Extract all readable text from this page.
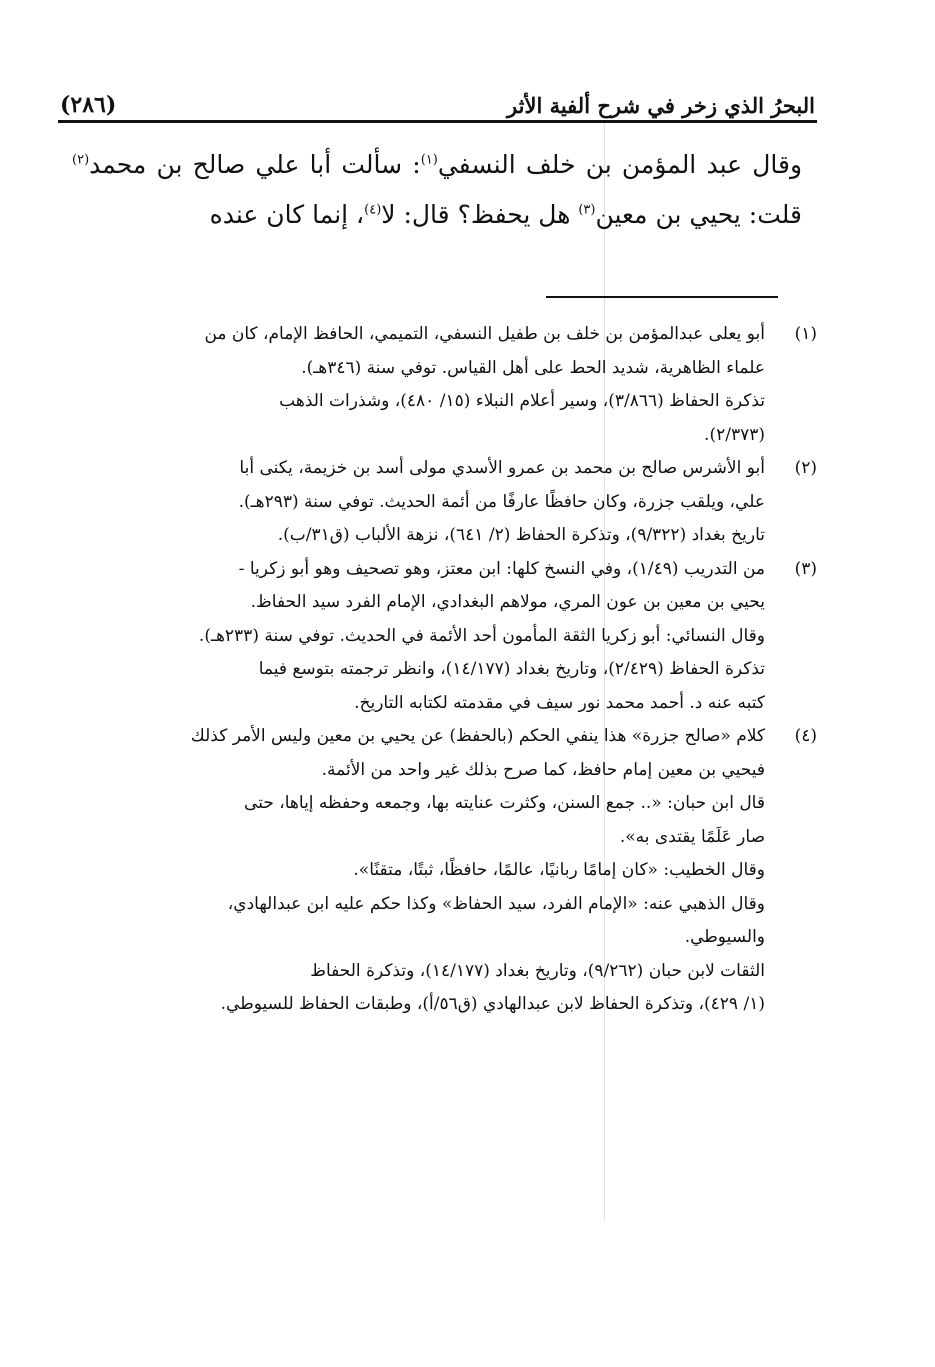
البحرُ الذي زخر في شرح ألفية الأثر
(٢٨٦)
وقال عبد المؤمن بن خلف النسفي$^{(١)}$: سألت أبا علي صالح بن محمد$^{(٢)}$ قلت: يحيي بن معين$^{(٣)}$ هل يحفظ؟ قال: لا$^{(٤)}$، إنما كان عنده
(١)
أبو يعلى عبدالمؤمن بن خلف بن طفيل النسفي، التميمي، الحافظ الإمام، كان من
علماء الظاهرية، شديد الحط على أهل القياس. توفي سنة (٣٤٦هـ).
تذكرة الحفاظ (٣/٨٦٦)، وسير أعلام النبلاء (١٥/ ٤٨٠)، وشذرات الذهب
(٢/٣٧٣).
(٢)
أبو الأشرس صالح بن محمد بن عمرو الأسدي مولى أسد بن خزيمة، يكنى أبا
علي، ويلقب جزرة، وكان حافظًا عارفًا من أئمة الحديث. توفي سنة (٢٩٣هـ).
تاريخ بغداد (٩/٣٢٢)، وتذكرة الحفاظ (٢/ ٦٤١)، نزهة الألباب (ق٣١/ب).
(٣)
من التدريب (١/٤٩)، وفي النسخ كلها: ابن معتز، وهو تصحيف وهو أبو زكريا -
يحيي بن معين بن عون المري، مولاهم البغدادي، الإمام الفرد سيد الحفاظ.
وقال النسائي: أبو زكريا الثقة المأمون أحد الأئمة في الحديث. توفي سنة (٢٣٣هـ).
تذكرة الحفاظ (٢/٤٢٩)، وتاريخ بغداد (١٤/١٧٧)، وانظر ترجمته بتوسع فيما
كتبه عنه د. أحمد محمد نور سيف في مقدمته لكتابه التاريخ.
(٤)
كلام «صالح جزرة» هذا ينفي الحكم (بالحفظ) عن يحيي بن معين وليس الأمر كذلك
فيحيي بن معين إمام حافظ، كما صرح بذلك غير واحد من الأئمة.
قال ابن حبان: «.. جمع السنن، وكثرت عنايته بها، وجمعه وحفظه إياها، حتى
صار عَلَمًا يقتدى به».
وقال الخطيب: «كان إمامًا ربانيًا، عالمًا، حافظًا، ثبتًا، متقنًا».
وقال الذهبي عنه: «الإمام الفرد، سيد الحفاظ» وكذا حكم عليه ابن عبدالهادي،
والسيوطي.
الثقات لابن حبان (٩/٢٦٢)، وتاريخ بغداد (١٤/١٧٧)، وتذكرة الحفاظ
(١/ ٤٢٩)، وتذكرة الحفاظ لابن عبدالهادي (ق٥٦/أ)، وطبقات الحفاظ للسيوطي.
